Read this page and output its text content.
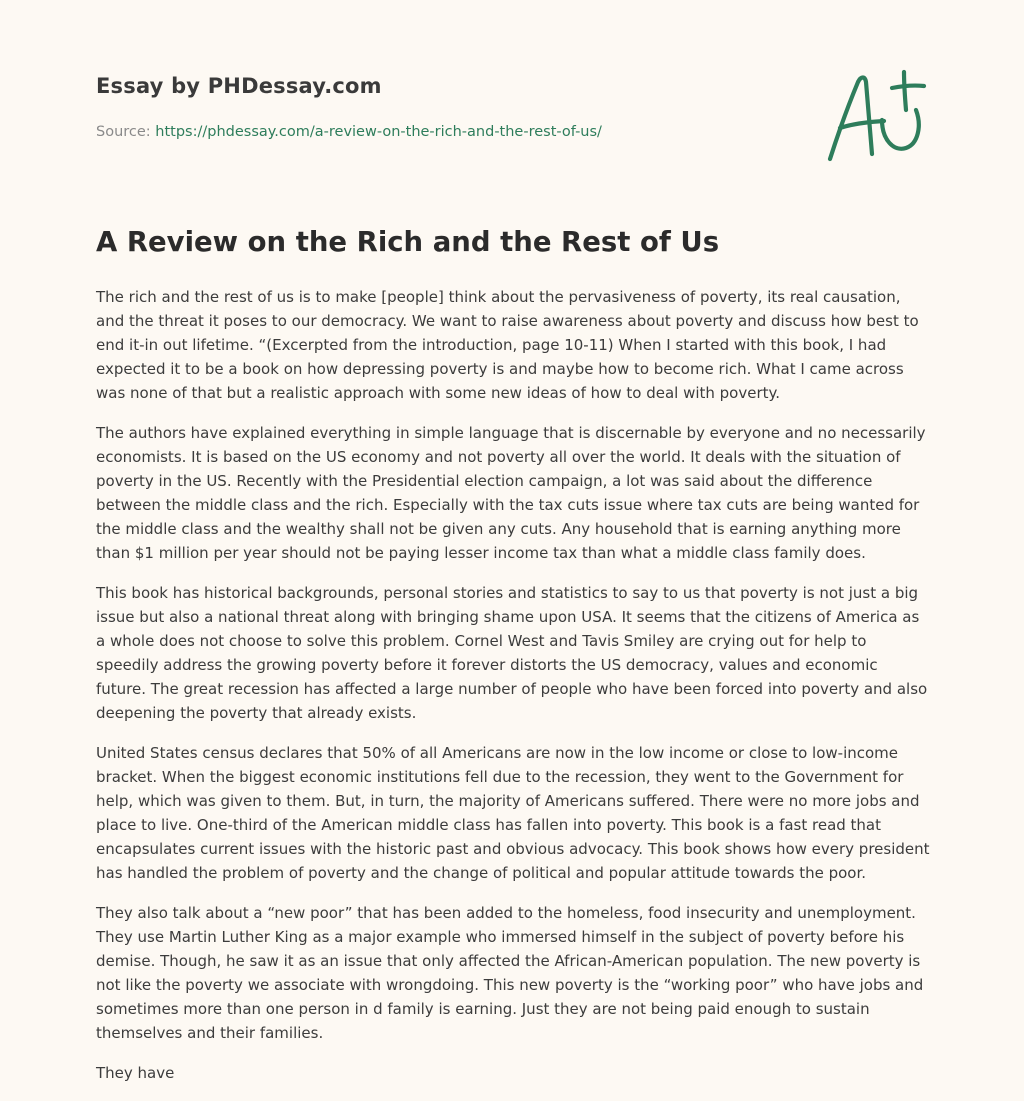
Essay by PHDessay.com
Source: https://phdessay.com/a-review-on-the-rich-and-the-rest-of-us/
A Review on the Rich and the Rest of Us

The rich and the rest of us is to make [people] think about the pervasiveness of poverty, its real causation, and the threat it poses to our democracy. We want to raise awareness about poverty and discuss how best to end it-in out lifetime. “(Excerpted from the introduction, page 10-11) When I started with this book, I had expected it to be a book on how depressing poverty is and maybe how to become rich. What I came across was none of that but a realistic approach with some new ideas of how to deal with poverty.

The authors have explained everything in simple language that is discernable by everyone and no necessarily economists. It is based on the US economy and not poverty all over the world. It deals with the situation of poverty in the US. Recently with the Presidential election campaign, a lot was said about the difference between the middle class and the rich. Especially with the tax cuts issue where tax cuts are being wanted for the middle class and the wealthy shall not be given any cuts. Any household that is earning anything more than $1 million per year should not be paying lesser income tax than what a middle class family does.

This book has historical backgrounds, personal stories and statistics to say to us that poverty is not just a big issue but also a national threat along with bringing shame upon USA. It seems that the citizens of America as a whole does not choose to solve this problem. Cornel West and Tavis Smiley are crying out for help to speedily address the growing poverty before it forever distorts the US democracy, values and economic future. The great recession has affected a large number of people who have been forced into poverty and also deepening the poverty that already exists.

United States census declares that 50% of all Americans are now in the low income or close to low-income bracket. When the biggest economic institutions fell due to the recession, they went to the Government for help, which was given to them. But, in turn, the majority of Americans suffered. There were no more jobs and place to live. One-third of the American middle class has fallen into poverty. This book is a fast read that encapsulates current issues with the historic past and obvious advocacy. This book shows how every president has handled the problem of poverty and the change of political and popular attitude towards the poor.

They also talk about a “new poor” that has been added to the homeless, food insecurity and unemployment. They use Martin Luther King as a major example who immersed himself in the subject of poverty before his demise. Though, he saw it as an issue that only affected the African-American population. The new poverty is not like the poverty we associate with wrongdoing. This new poverty is the “working poor” who have jobs and sometimes more than one person in d family is earning. Just they are not being paid enough to sustain themselves and their families.

They have
